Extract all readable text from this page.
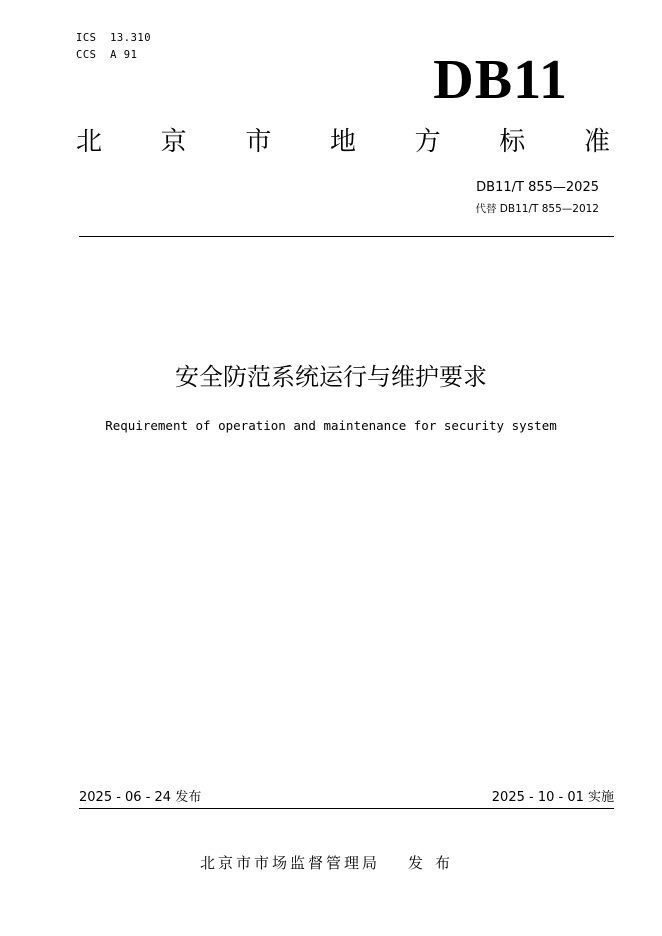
ICS  13.310
CCS  A 91	DB11
北 京 市 地 方 标 准
DB11/T 855—2025
代替 DB11/T 855—2012
安全防范系统运行与维护要求
Requirement of operation and maintenance for security system
2025 - 06 - 24 发布	2025 - 10 - 01 实施
北京市市场监督管理局 发布
